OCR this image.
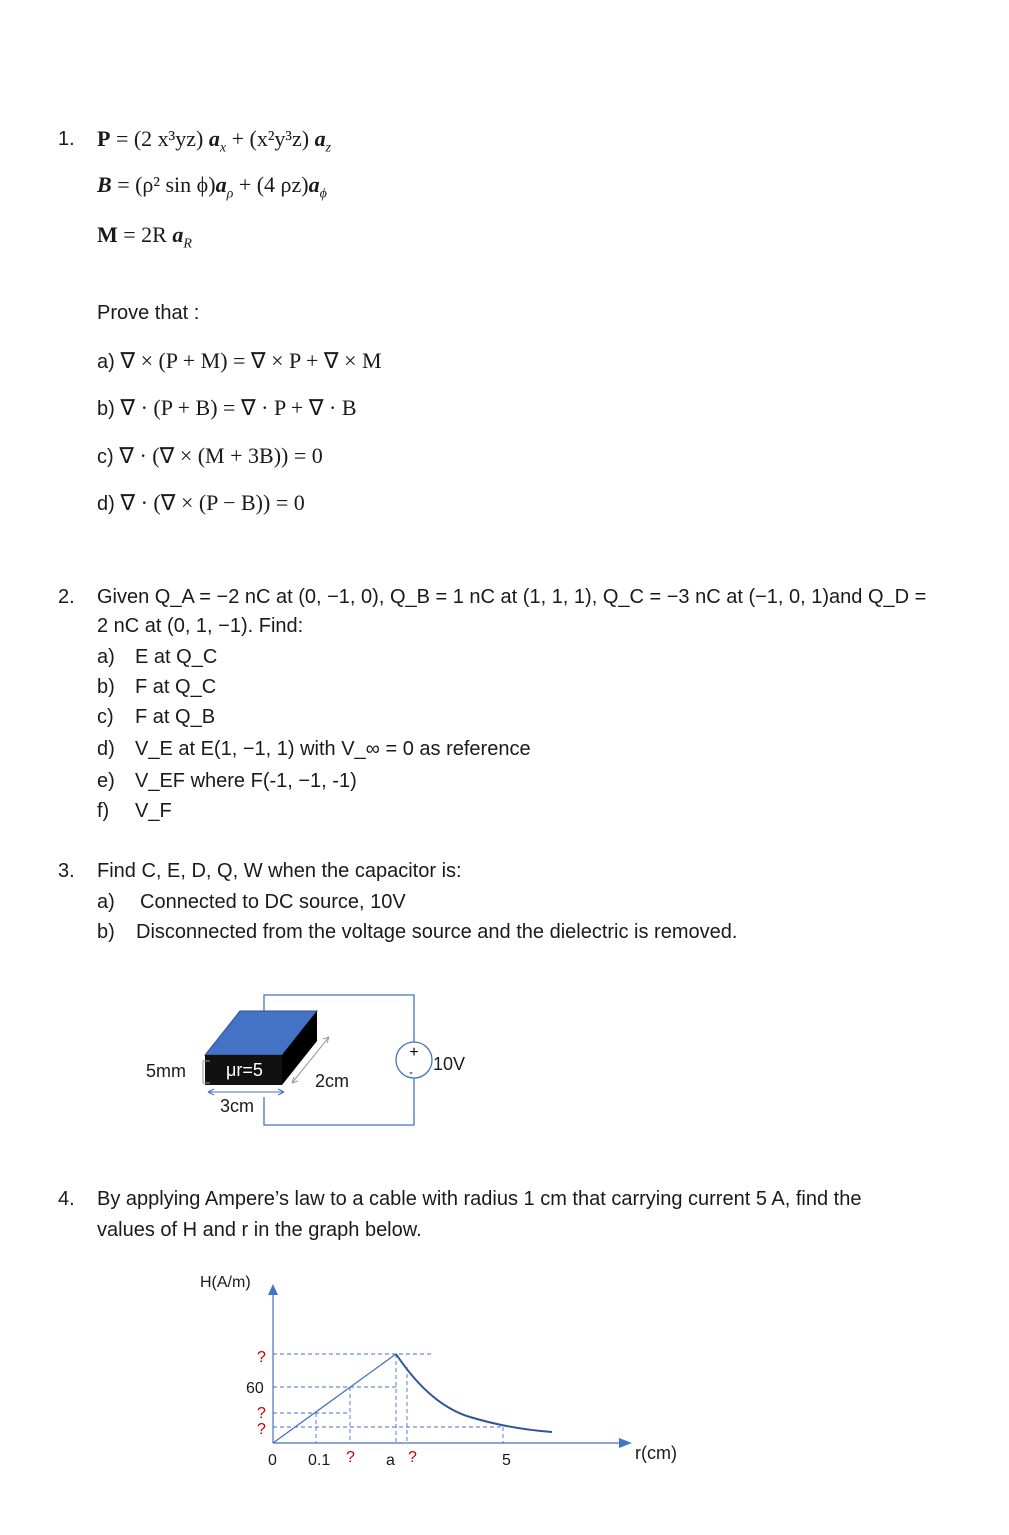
1. P = (2 x³yz) $a_x + (x^2y^3z)$ $a_z$
B = (ρ² $\sin \phi)a_\rho + (4$ $\rho z)a_\phi$
M = 2R $a_R$
Prove that :
a) ∇ × (P + M) = ∇ × P + ∇ × M
b) ∇ · (P + B) = ∇ · P + ∇ · B
c) ∇ · (∇ × (M + 3B)) = 0
d) ∇ · (∇ × (P − B)) = 0
2. Given Q_A = −2 nC at (0, −1, 0), Q_B = 1 nC at (1, 1, 1), Q_C = −3 nC at (−1, 0, 1)and Q_D =
2 nC at (0, 1, −1). Find:
a) E at Q_C
b) F at Q_C
c) F at Q_B
d) V_E at E(1, −1, 1) with V_∞ = 0 as reference
e) V_EF where F(-1, −1, -1)
f) V_F
3. Find C, E, D, Q, W when the capacitor is:
a) Connected to DC source, 10V
b) Disconnected from the voltage source and the dielectric is removed.
+
-
5mm μr=5
3cm
2cm
10V
4. By applying Ampere’s law to a cable with radius 1 cm that carrying current 5 A, find the
values of H and r in the graph below.
H(A/m)
?
60
?
?
0 0.1 ? a ?	5	r(cm)
